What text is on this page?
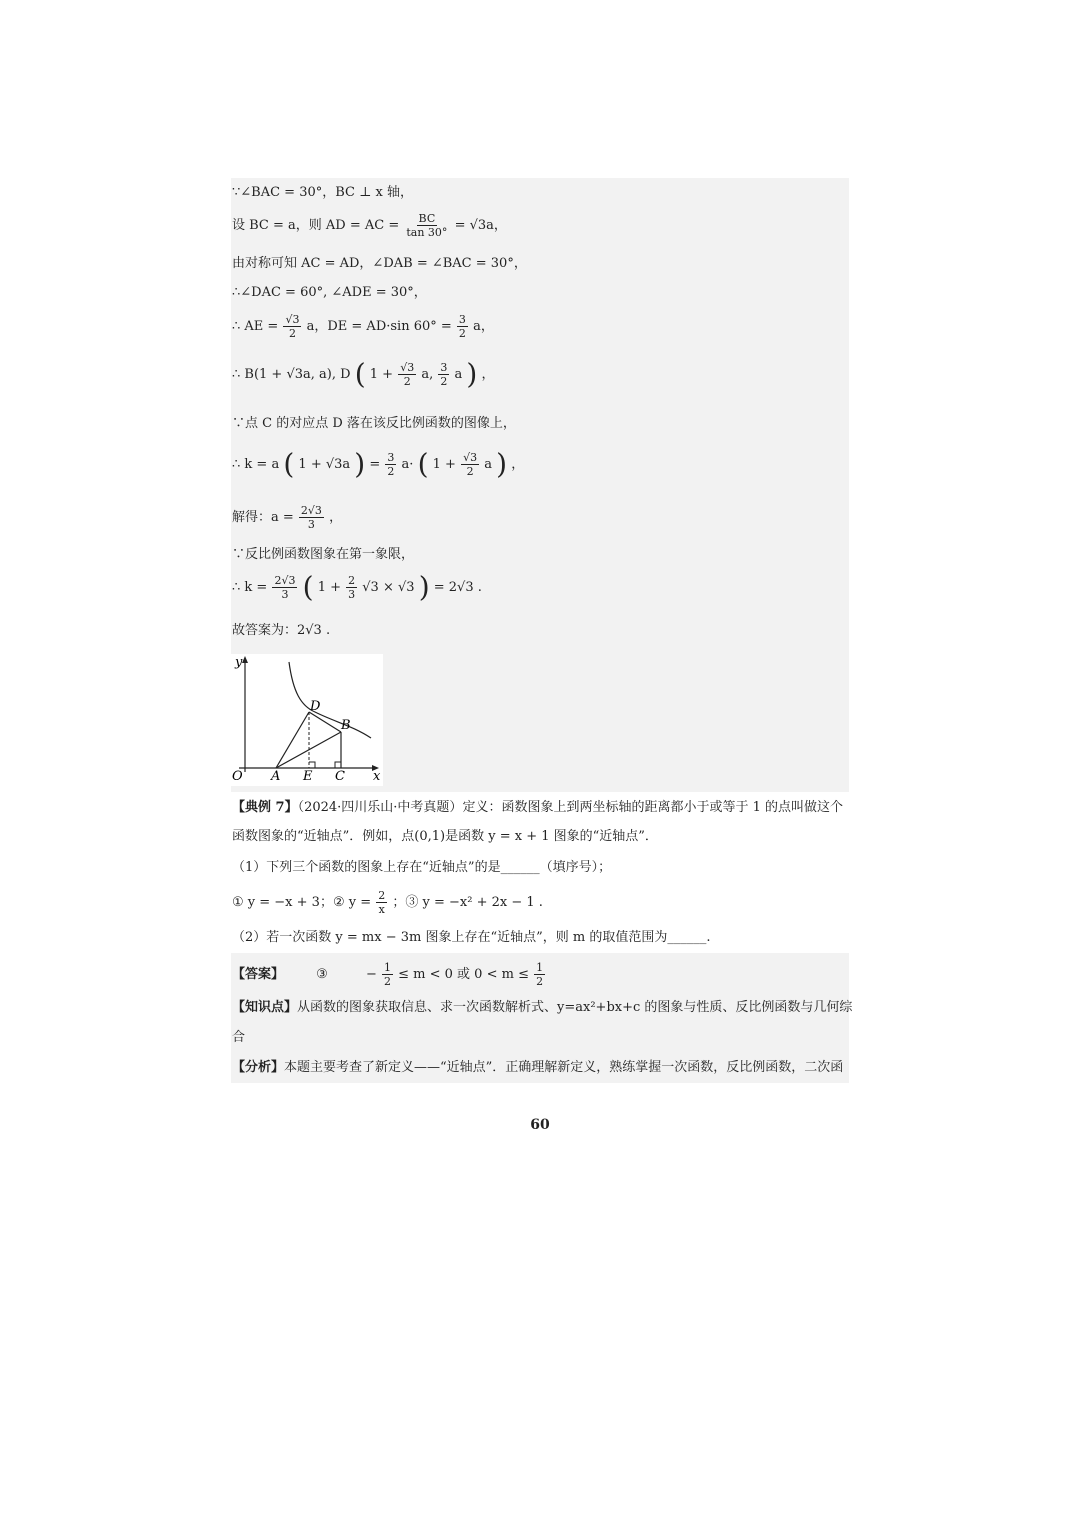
∵∠BAC = 30°，BC ⊥ x 轴，
设 BC = a，则 AD = AC = $\frac{BC}{\tan 30^\circ} = √3a$，
由对称可知 AC = AD，∠DAB = ∠BAC = 30°，
∴∠DAC = 60°, ∠ADE = 30°，
∴ AE = $\frac{√3}{2}$ a，DE = AD·sin $60^\circ = \frac{3}{2}$ a，
∴ B(1 + √3a, a), D ( $1 + \frac{√3}{2} a$, $\frac{3}{2}$ a ) ，
∵点 C 的对应点 D 落在该反比例函数的图像上，
∴ k = a ( 1 + √3a ) = $\frac{3}{2} a\cdot$ ( $1 + \frac{√3}{2}$ a ) ，
解得：$a = \frac{2√3}{3}$ ，
∵反比例函数图象在第一象限，
∴ $k = \frac{2√3}{3}$ ( $1 + \frac{2}{3} √3 \times √3$ ) = 2√3 .
故答案为：2√3 .
y
x
O A E C
D
B
【典例 7】（2024·四川乐山·中考真题）定义：函数图象上到两坐标轴的距离都小于或等于 1 的点叫做这个
函数图象的“近轴点”．例如，点(0,1)是函数 y = x + 1 图象的“近轴点”．
（1）下列三个函数的图象上存在“近轴点”的是______（填序号）；
① y = −x + 3；② $y = \frac{2}{x}$ ；③ y = −x² + 2x − 1 .
（2）若一次函数 y = mx − 3m 图象上存在“近轴点”，则 m 的取值范围为______.
【答案】 ③	− $\frac{1}{2} \le m < 0$ 或 $0 < m \le \frac{1}{2}$
【知识点】从函数的图象获取信息、求一次函数解析式、y=ax²+bx+c 的图象与性质、反比例函数与几何综
合
【分析】本题主要考查了新定义——“近轴点”．正确理解新定义，熟练掌握一次函数，反比例函数，二次函
60
